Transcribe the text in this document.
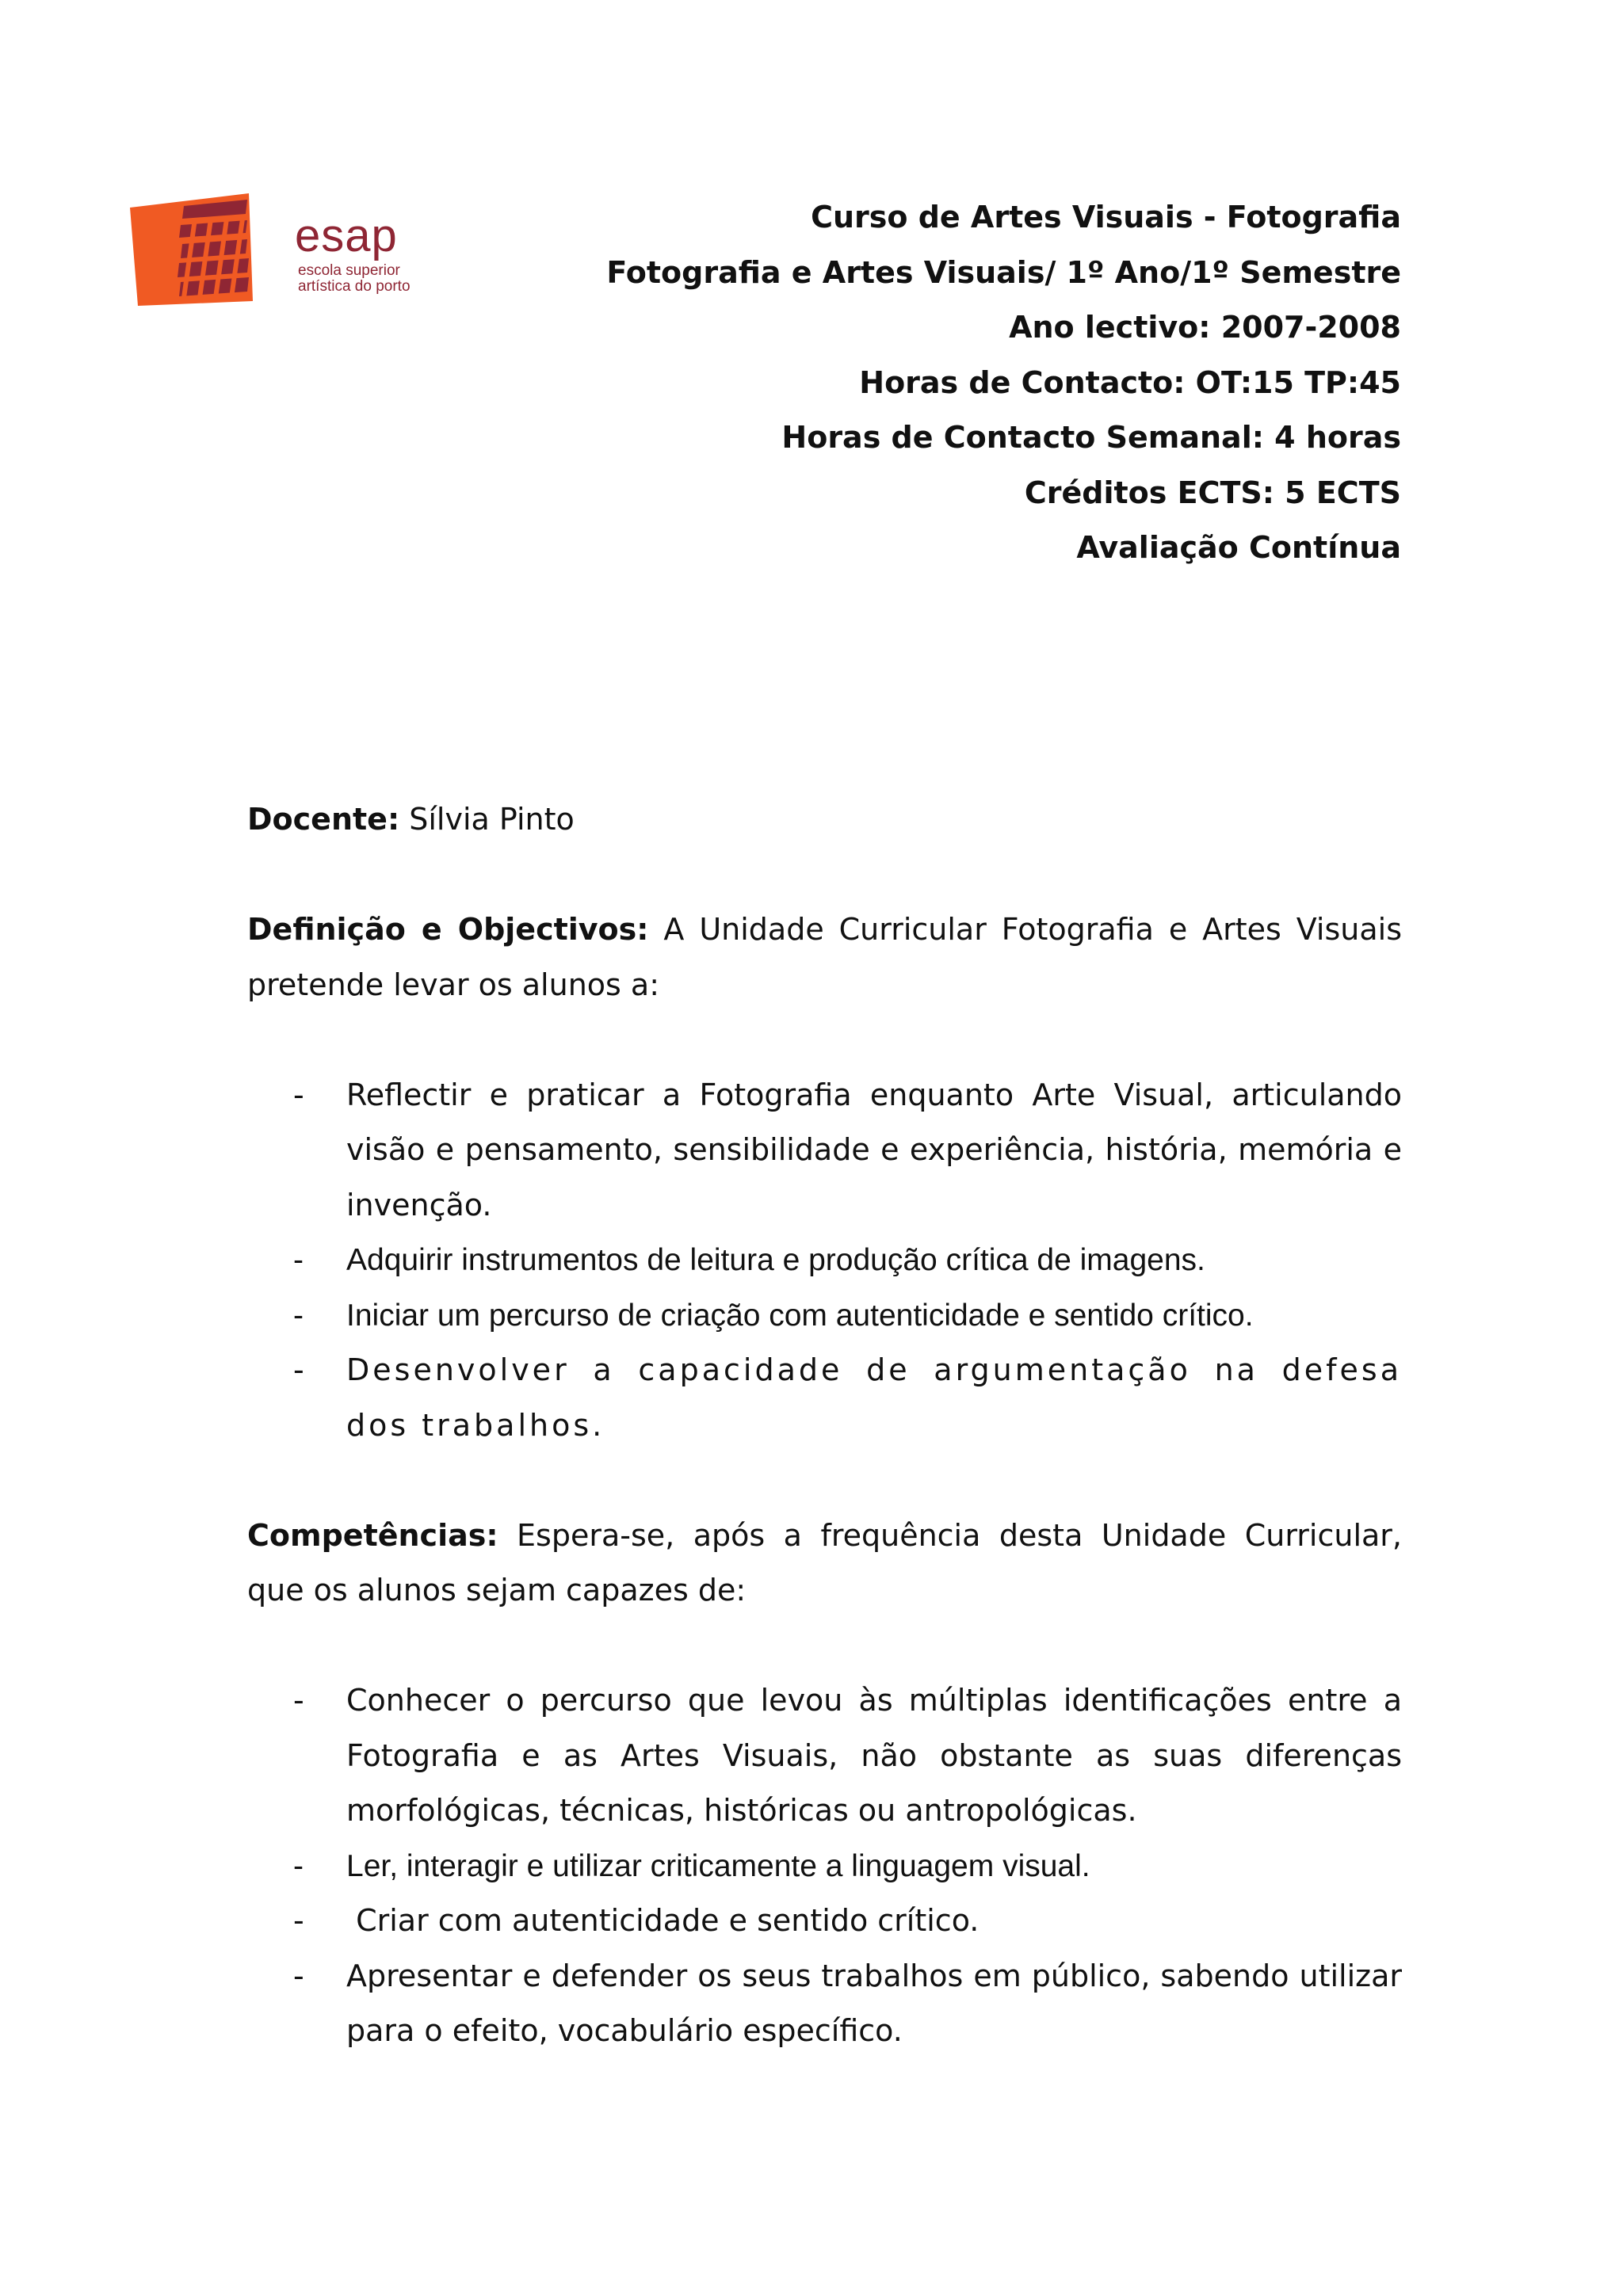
esap
escola superior
artística do porto
Curso de Artes Visuais - Fotografia
Fotografia e Artes Visuais/ 1º Ano/1º Semestre
Ano lectivo: 2007-2008
Horas de Contacto: OT:15 TP:45
Horas de Contacto Semanal: 4 horas
Créditos ECTS: 5 ECTS
Avaliação Contínua

Docente: Sílvia Pinto

Definição e Objectivos: A Unidade Curricular Fotografia e Artes Visuais pretende levar os alunos a:

- Reflectir e praticar a Fotografia enquanto Arte Visual, articulando visão e pensamento, sensibilidade e experiência, história, memória e invenção.
- Adquirir instrumentos de leitura e produção crítica de imagens.
- Iniciar um percurso de criação com autenticidade e sentido crítico.
- Desenvolver a capacidade de argumentação na defesa dos trabalhos.

Competências: Espera-se, após a frequência desta Unidade Curricular, que os alunos sejam capazes de:

- Conhecer o percurso que levou às múltiplas identificações entre a Fotografia e as Artes Visuais, não obstante as suas diferenças morfológicas, técnicas, históricas ou antropológicas.
- Ler, interagir e utilizar criticamente a linguagem visual.
-  Criar com autenticidade e sentido crítico.
- Apresentar e defender os seus trabalhos em público, sabendo utilizar para o efeito, vocabulário específico.
